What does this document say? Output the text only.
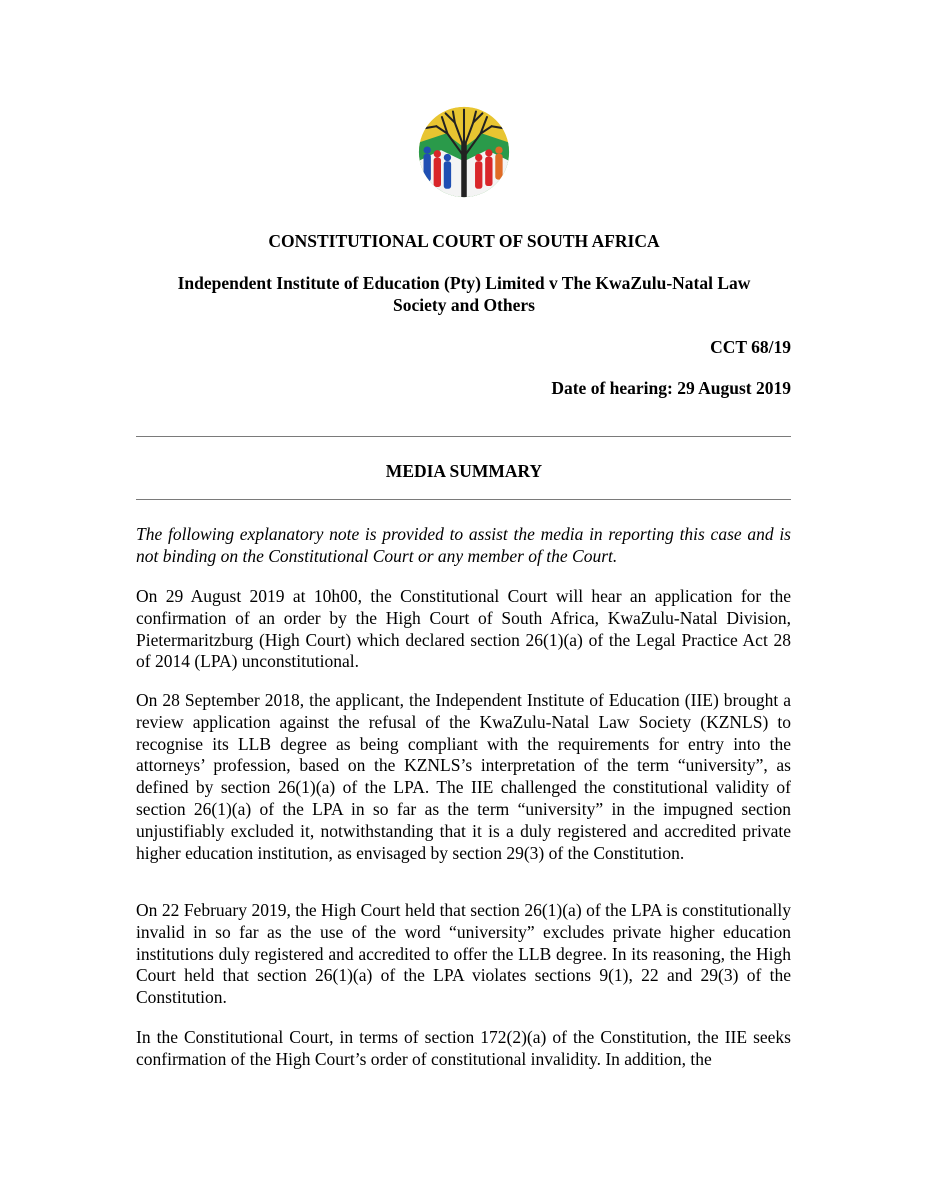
CONSTITUTIONAL COURT OF SOUTH AFRICA
Independent Institute of Education (Pty) Limited v The KwaZulu-Natal Law Society and Others
CCT 68/19
Date of hearing: 29 August 2019
MEDIA SUMMARY

The following explanatory note is provided to assist the media in reporting this case and is not binding on the Constitutional Court or any member of the Court.

On 29 August 2019 at 10h00, the Constitutional Court will hear an application for the confirmation of an order by the High Court of South Africa, KwaZulu-Natal Division, Pietermaritzburg (High Court) which declared section 26(1)(a) of the Legal Practice Act 28 of 2014 (LPA) unconstitutional.

On 28 September 2018, the applicant, the Independent Institute of Education (IIE) brought a review application against the refusal of the KwaZulu-Natal Law Society (KZNLS) to recognise its LLB degree as being compliant with the requirements for entry into the attorneys’ profession, based on the KZNLS’s interpretation of the term “university”, as defined by section 26(1)(a) of the LPA. The IIE challenged the constitutional validity of section 26(1)(a) of the LPA in so far as the term “university” in the impugned section unjustifiably excluded it, notwithstanding that it is a duly registered and accredited private higher education institution, as envisaged by section 29(3) of the Constitution.

On 22 February 2019, the High Court held that section 26(1)(a) of the LPA is constitutionally invalid in so far as the use of the word “university” excludes private higher education institutions duly registered and accredited to offer the LLB degree. In its reasoning, the High Court held that section 26(1)(a) of the LPA violates sections 9(1), 22 and 29(3) of the Constitution.

In the Constitutional Court, in terms of section 172(2)(a) of the Constitution, the IIE seeks confirmation of the High Court’s order of constitutional invalidity. In addition, the
